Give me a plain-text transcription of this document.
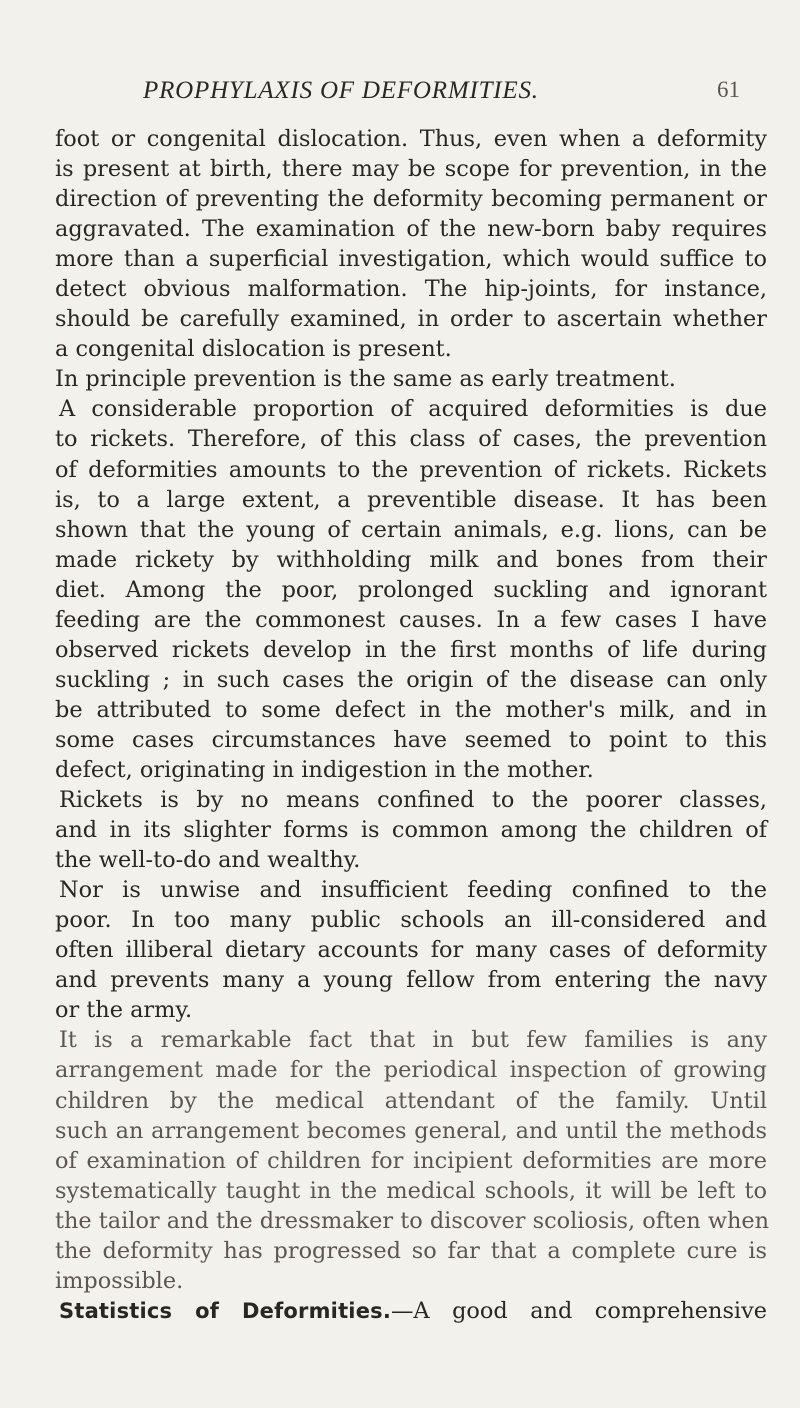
PROPHYLAXIS OF DEFORMITIES.	61
foot or congenital dislocation. Thus, even when a deformity
is present at birth, there may be scope for prevention, in the
direction of preventing the deformity becoming permanent or
aggravated. The examination of the new-born baby requires
more than a superficial investigation, which would suffice to
detect obvious malformation. The hip-joints, for instance,
should be carefully examined, in order to ascertain whether
a congenital dislocation is present.
In principle prevention is the same as early treatment.
A considerable proportion of acquired deformities is due
to rickets. Therefore, of this class of cases, the prevention
of deformities amounts to the prevention of rickets. Rickets
is, to a large extent, a preventible disease. It has been
shown that the young of certain animals, e.g. lions, can be
made rickety by withholding milk and bones from their
diet. Among the poor, prolonged suckling and ignorant
feeding are the commonest causes. In a few cases I have
observed rickets develop in the first months of life during
suckling ; in such cases the origin of the disease can only
be attributed to some defect in the mother's milk, and in
some cases circumstances have seemed to point to this
defect, originating in indigestion in the mother.
Rickets is by no means confined to the poorer classes,
and in its slighter forms is common among the children of
the well-to-do and wealthy.
Nor is unwise and insufficient feeding confined to the
poor. In too many public schools an ill-considered and
often illiberal dietary accounts for many cases of deformity
and prevents many a young fellow from entering the navy
or the army.
It is a remarkable fact that in but few families is any
arrangement made for the periodical inspection of growing
children by the medical attendant of the family. Until
such an arrangement becomes general, and until the methods
of examination of children for incipient deformities are more
systematically taught in the medical schools, it will be left to
the tailor and the dressmaker to discover scoliosis, often when
the deformity has progressed so far that a complete cure is
impossible.
Statistics of Deformities.—A good and comprehensive
